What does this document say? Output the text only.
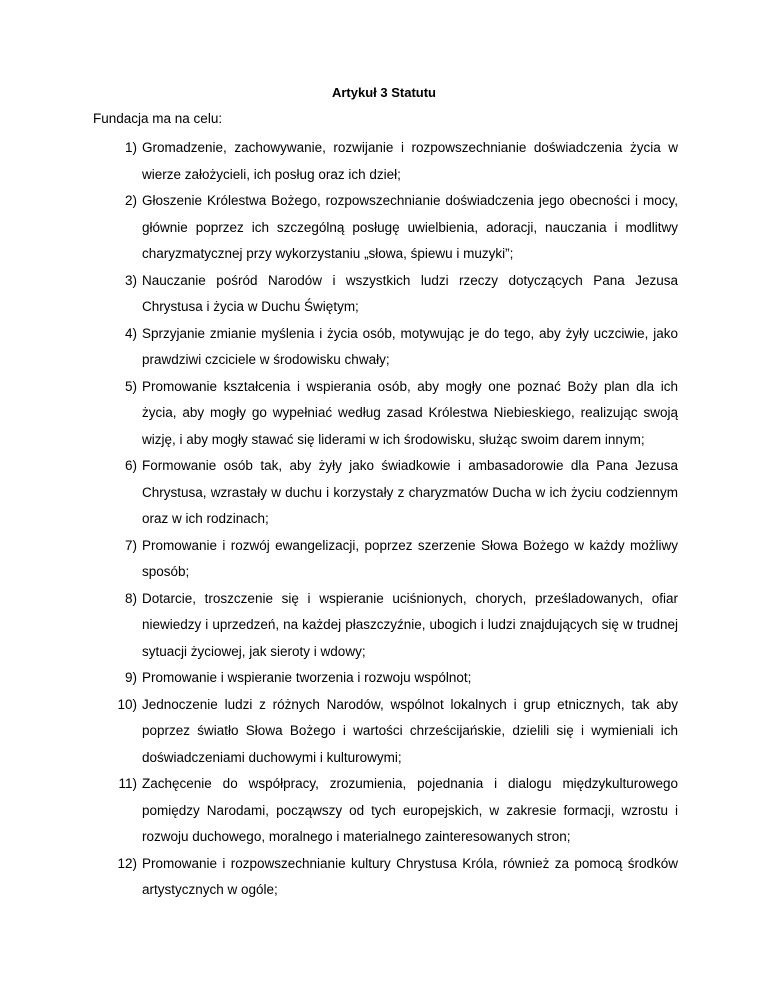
Artykuł 3 Statutu
Fundacja ma na celu:
1) Gromadzenie, zachowywanie, rozwijanie i rozpowszechnianie doświadczenia życia w wierze założycieli, ich posług oraz ich dzieł;
2) Głoszenie Królestwa Bożego, rozpowszechnianie doświadczenia jego obecności i mocy, głównie poprzez ich szczególną posługę uwielbienia, adoracji, nauczania i modlitwy charyzmatycznej przy wykorzystaniu „słowa, śpiewu i muzyki”;
3) Nauczanie pośród Narodów i wszystkich ludzi rzeczy dotyczących Pana Jezusa Chrystusa i życia w Duchu Świętym;
4) Sprzyjanie zmianie myślenia i życia osób, motywując je do tego, aby żyły uczciwie, jako prawdziwi czciciele w środowisku chwały;
5) Promowanie kształcenia i wspierania osób, aby mogły one poznać Boży plan dla ich życia, aby mogły go wypełniać według zasad Królestwa Niebieskiego, realizując swoją wizję, i aby mogły stawać się liderami w ich środowisku, służąc swoim darem innym;
6) Formowanie osób tak, aby żyły jako świadkowie i ambasadorowie dla Pana Jezusa Chrystusa, wzrastały w duchu i korzystały z charyzmatów Ducha w ich życiu codziennym oraz w ich rodzinach;
7) Promowanie i rozwój ewangelizacji, poprzez szerzenie Słowa Bożego w każdy możliwy sposób;
8) Dotarcie, troszczenie się i wspieranie uciśnionych, chorych, prześladowanych, ofiar niewiedzy i uprzedzeń, na każdej płaszczyźnie, ubogich i ludzi znajdujących się w trudnej sytuacji życiowej, jak sieroty i wdowy;
9) Promowanie i wspieranie tworzenia i rozwoju wspólnot;
10) Jednoczenie ludzi z różnych Narodów, wspólnot lokalnych i grup etnicznych, tak aby poprzez światło Słowa Bożego i wartości chrześcijańskie, dzielili się i wymieniali ich doświadczeniami duchowymi i kulturowymi;
11) Zachęcenie do współpracy, zrozumienia, pojednania i dialogu międzykulturowego pomiędzy Narodami, począwszy od tych europejskich, w zakresie formacji, wzrostu i rozwoju duchowego, moralnego i materialnego zainteresowanych stron;
12) Promowanie i rozpowszechnianie kultury Chrystusa Króla, również za pomocą środków artystycznych w ogóle;
